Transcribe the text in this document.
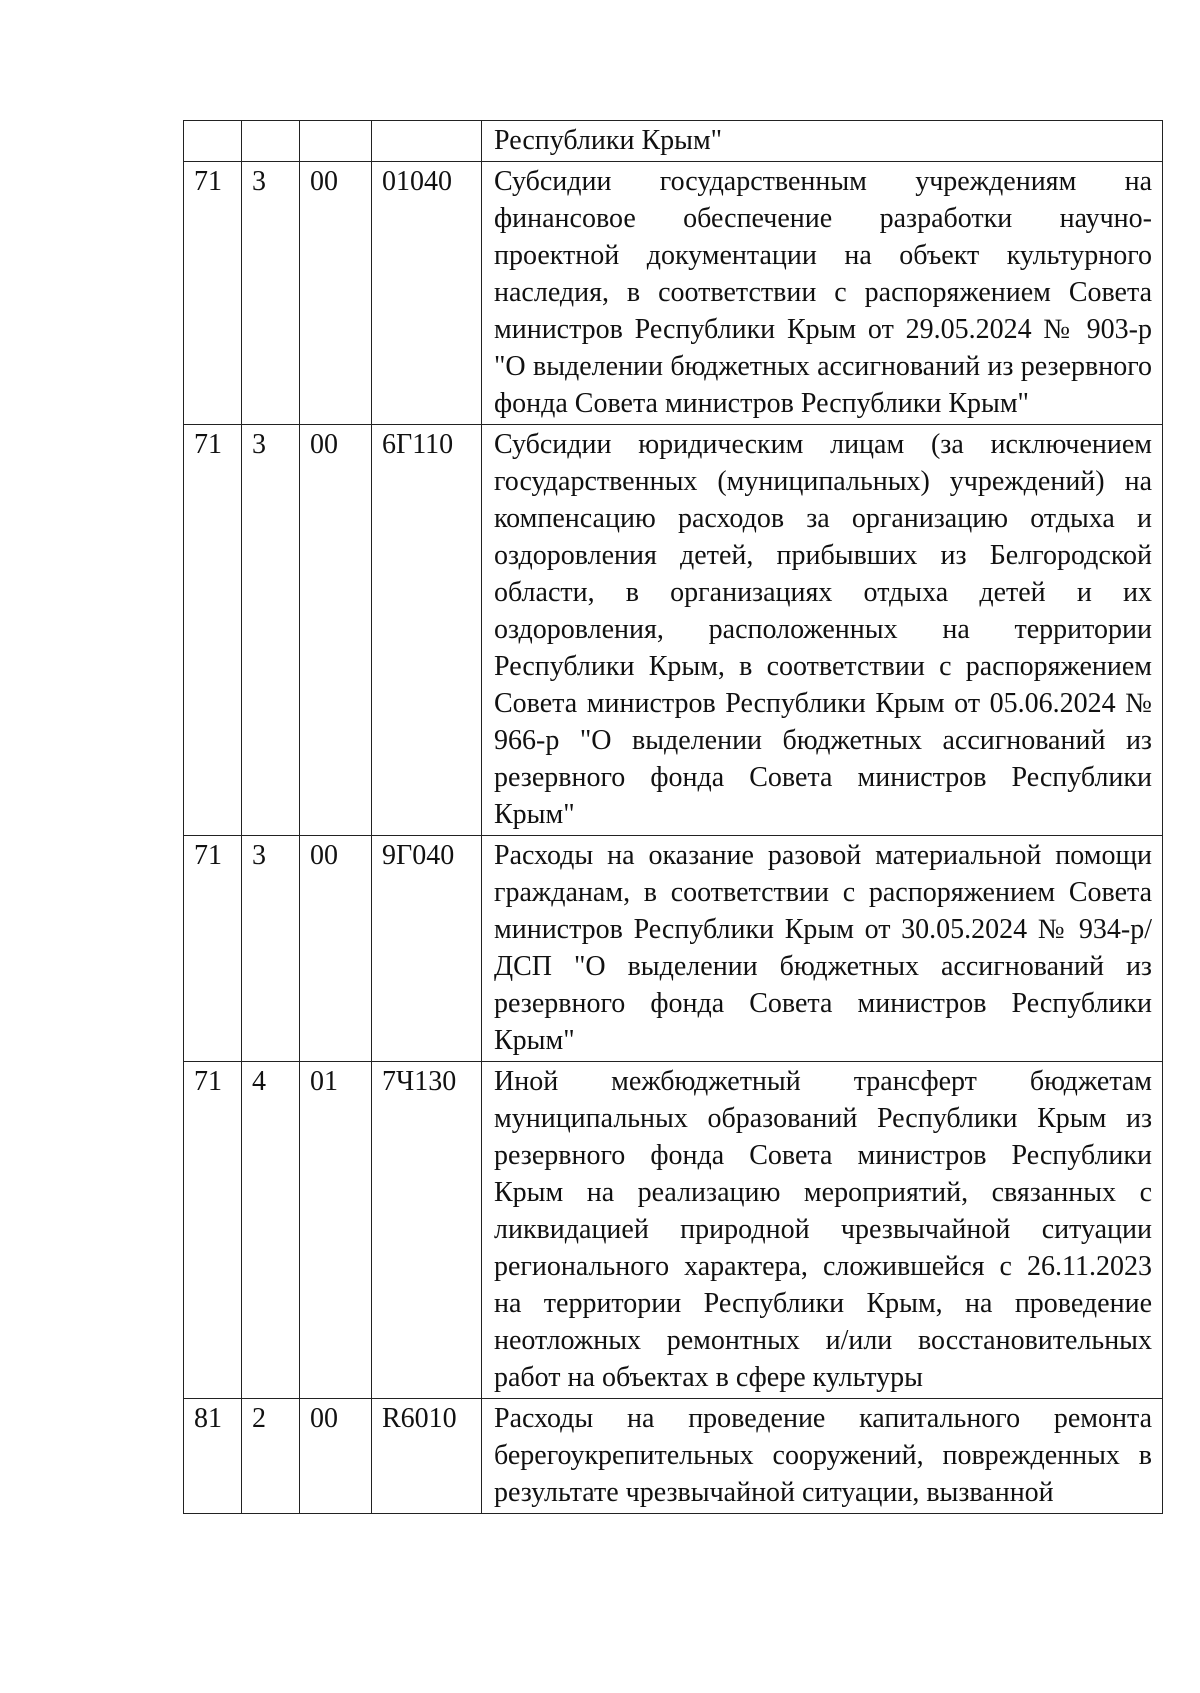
				Республики Крым"
71	3	00	01040	Субсидии государственным учреждениям на финансовое обеспечение разработки научно-проектной документации на объект культурного наследия, в соответствии с распоряжением Совета министров Республики Крым от 29.05.2024 № 903-р "О выделении бюджетных ассигнований из резервного фонда Совета министров Республики Крым"
71	3	00	6Г110	Субсидии юридическим лицам (за исключением государственных (муниципальных) учреждений) на компенсацию расходов за организацию отдыха и оздоровления детей, прибывших из Белгородской области, в организациях отдыха детей и их оздоровления, расположенных на территории Республики Крым, в соответствии с распоряжением Совета министров Республики Крым от 05.06.2024 № 966-р "О выделении бюджетных ассигнований из резервного фонда Совета министров Республики Крым"
71	3	00	9Г040	Расходы на оказание разовой материальной помощи гражданам, в соответствии с распоряжением Совета министров Республики Крым от 30.05.2024 № 934-р/ДСП "О выделении бюджетных ассигнований из резервного фонда Совета министров Республики Крым"
71	4	01	7Ч130	Иной межбюджетный трансферт бюджетам муниципальных образований Республики Крым из резервного фонда Совета министров Республики Крым на реализацию мероприятий, связанных с ликвидацией природной чрезвычайной ситуации регионального характера, сложившейся с 26.11.2023 на территории Республики Крым, на проведение неотложных ремонтных и/или восстановительных работ на объектах в сфере культуры
81	2	00	R6010	Расходы на проведение капитального ремонта берегоукрепительных сооружений, поврежденных в результате чрезвычайной ситуации, вызванной
